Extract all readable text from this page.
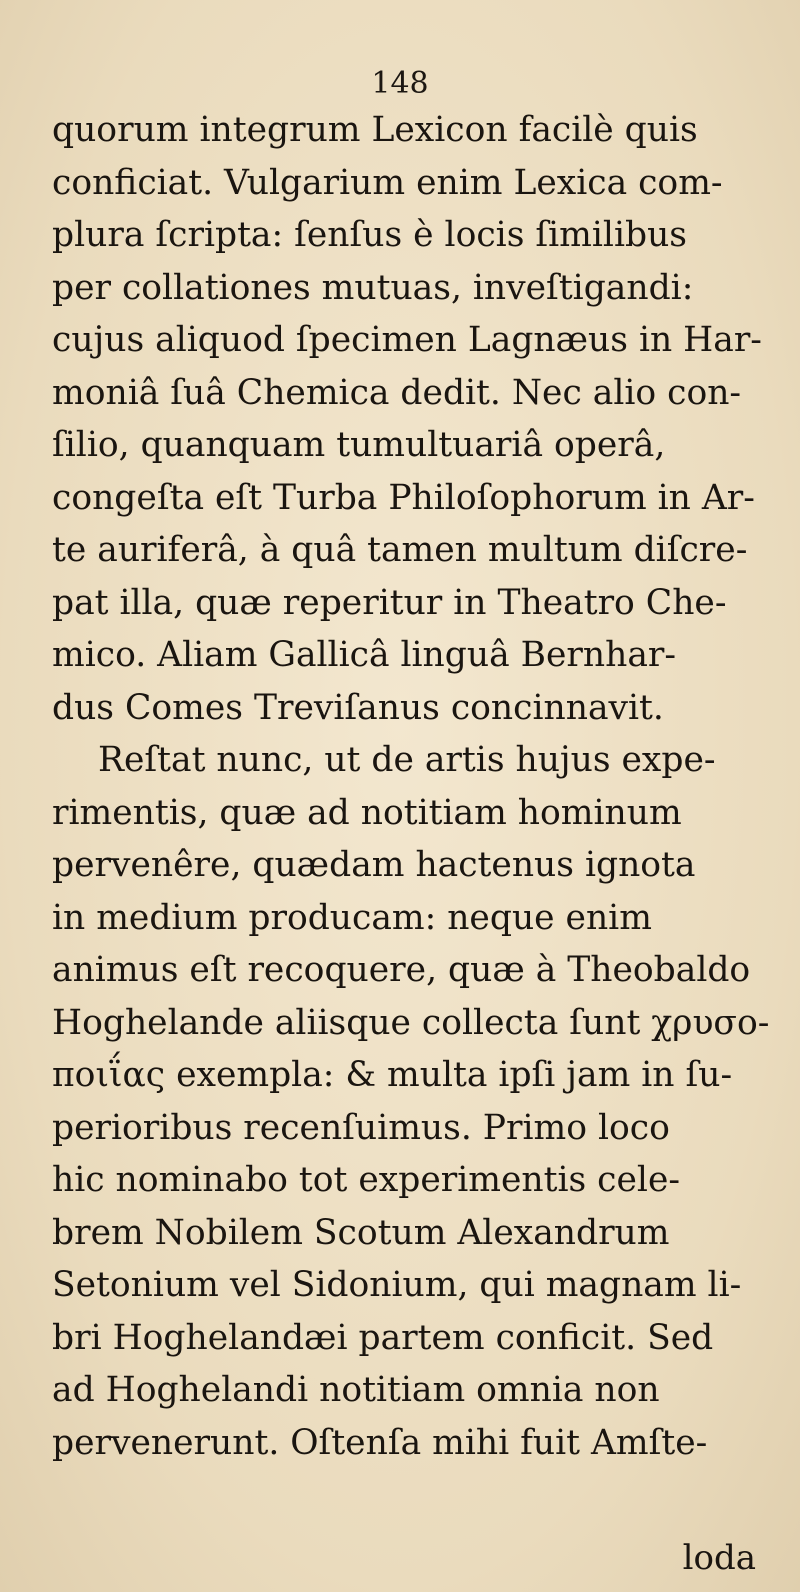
148
quorum integrum Lexicon facilè quis
conficiat. Vulgarium enim Lexica com-
plura ſcripta: ſenſus è locis ſimilibus
per collationes mutuas, inveſtigandi:
cujus aliquod ſpecimen Lagnæus in Har-
moniâ ſuâ Chemica dedit. Nec alio con-
ſilio, quanquam tumultuariâ operâ,
congeſta eſt Turba Philoſophorum in Ar-
te auriferâ, à quâ tamen multum diſcre-
pat illa, quæ reperitur in Theatro Che-
mico. Aliam Gallicâ linguâ Bernhar-
dus Comes Treviſanus concinnavit.
Reſtat nunc, ut de artis hujus expe-
rimentis, quæ ad notitiam hominum
pervenêre, quædam hactenus ignota
in medium producam: neque enim
animus eſt recoquere, quæ à Theobaldo
Hoghelande aliisque collecta ſunt χρυσο-
ποιΐας exempla: & multa ipſi jam in ſu-
perioribus recenſuimus. Primo loco
hic nominabo tot experimentis cele-
brem Nobilem Scotum Alexandrum
Setonium vel Sidonium, qui magnam li-
bri Hoghelandæi partem conficit. Sed
ad Hoghelandi notitiam omnia non
pervenerunt. Oſtenſa mihi fuit Amſte-
loda
